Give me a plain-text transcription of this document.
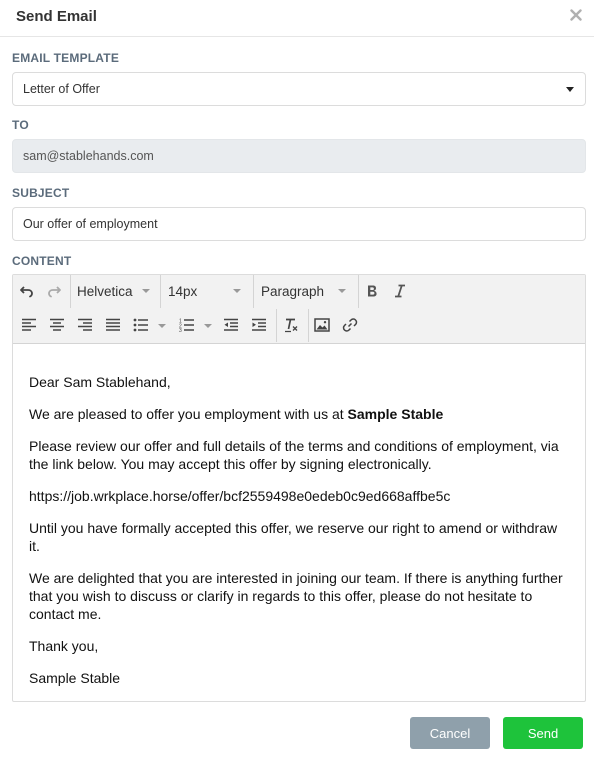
Send Email
EMAIL TEMPLATE
Letter of Offer
TO
sam@stablehands.com
SUBJECT
Our offer of employment
CONTENT
Helvetica	14px	Paragraph
1
2
3

Dear Sam Stablehand,

We are pleased to offer you employment with us at Sample Stable

Please review our offer and full details of the terms and conditions of employment, via the link below. You may accept this offer by signing electronically.

https://job.wrkplace.horse/offer/bcf2559498e0edeb0c9ed668affbe5c

Until you have formally accepted this offer, we reserve our right to amend or withdraw it.

We are delighted that you are interested in joining our team. If there is anything further that you wish to discuss or clarify in regards to this offer, please do not hesitate to contact me.

Thank you,

Sample Stable

Cancel	Send
